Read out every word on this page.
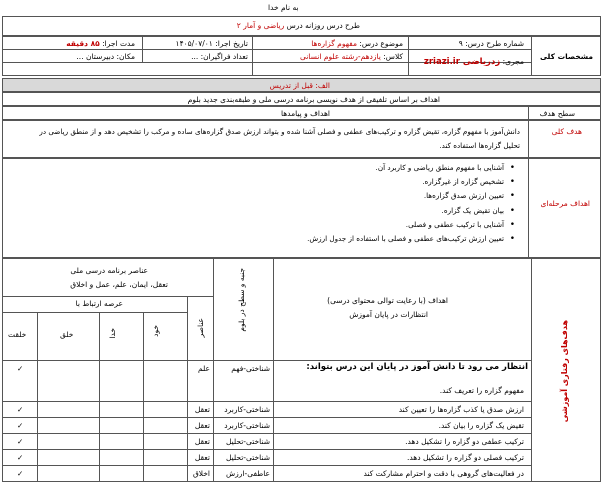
به نام خدا
طرح درس روزانه درس ریاضی و آمار ۲
مشخصات کلی
شماره طرح درس: ۹
موضوع درس: مفهوم گزاره‌ها
تاریخ اجرا: ۱۴۰۵/۰۷/۰۱
مدت اجرا: ۸۵ دقیقه
مجری: زدریاضی zriazi.ir
کلاس: یازدهم-رشته علوم انسانی
تعداد فراگیران: ...
مکان: دبیرستان ...
الف: قبل از تدریس
اهداف بر اساس تلفیقی از هدف نویسی برنامه درسی ملی و طبقه‌بندی جدید بلوم
سطح هدف
اهداف و پیامدها
هدف کلی
دانش‌آموز با مفهوم گزاره، تقیض گزاره و ترکیب‌های عطفی و فصلی آشنا شده و بتواند ارزش صدق گزاره‌های ساده و مرکب را تشخیص دهد و از منطق ریاضی در
تحلیل گزاره‌ها استفاده کند.
اهداف مرحله‌ای
• آشنایی با مفهوم منطق ریاضی و کاربرد آن.
• تشخیص گزاره از غیرگزاره.
• تعیین ارزش صدق گزاره‌ها.
• بیان تقیض یک گزاره.
• آشنایی با ترکیب عطفی و فصلی.
• تعیین ارزش ترکیب‌های عطفی و فصلی با استفاده از جدول ارزش.
هدف‌های رفتاری آموزشی
اهداف (با رعایت توالی محتوای درسی)
انتظارات در پایان آموزش
جنبه و سطح در بلوم
عناصر
عناصر برنامه درسی ملی
تعقل، ایمان، علم، عمل و اخلاق
عرصه ارتباط با
خود
خدا
خلق
خلقت
انتظار می رود تا دانش آموز در پایان این درس بتواند:
مفهوم گزاره را تعریف کند.
شناختی-فهم
علم
✓
ارزش صدق یا کذب گزاره‌ها را تعیین کند
شناختی-کاربرد
تعقل
✓
تقیض یک گزاره را بیان کند.
شناختی-کاربرد
تعقل
✓
ترکیب عطفی دو گزاره را تشکیل دهد.
شناختی-تحلیل
تعقل
✓
ترکیب فصلی دو گزاره را تشکیل دهد.
شناختی-تحلیل
تعقل
✓
در فعالیت‌های گروهی با دقت و احترام مشارکت کند
عاطفی-ارزش
اخلاق
✓
